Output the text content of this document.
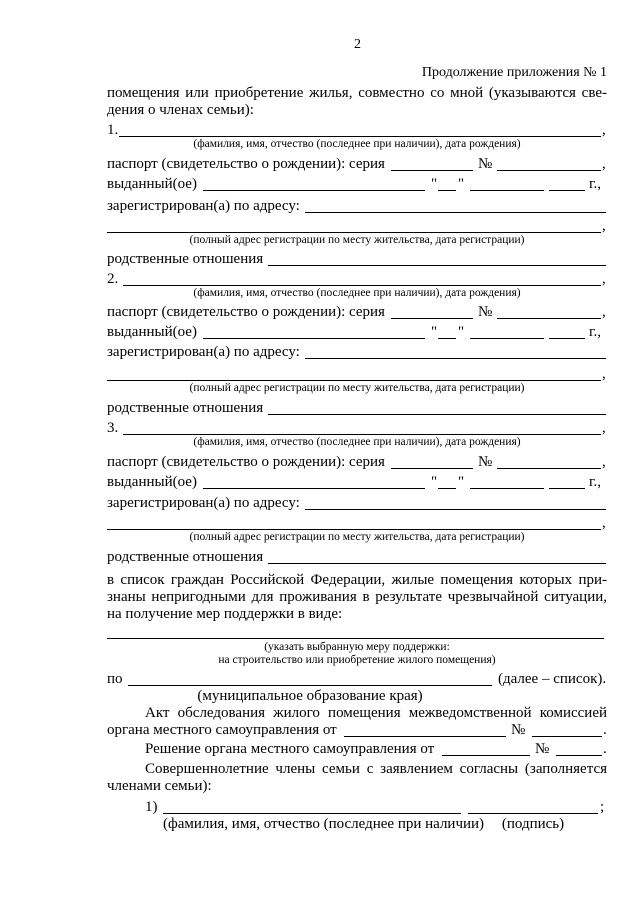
2
Продолжение приложения № 1
помещения или приобретение жилья, совместно со мной (указываются све-
дения о членах семьи):
1.	,
(фамилия, имя, отчество (последнее при наличии), дата рождения)
паспорт (свидетельство о рождении): серия	№	,
выданный(ое)	" "	г.,
зарегистрирован(а) по адресу:
,
(полный адрес регистрации по месту жительства, дата регистрации)
родственные отношения
2.	,
(фамилия, имя, отчество (последнее при наличии), дата рождения)
паспорт (свидетельство о рождении): серия	№	,
выданный(ое)	" "	г.,
зарегистрирован(а) по адресу:
,
(полный адрес регистрации по месту жительства, дата регистрации)
родственные отношения
3.	,
(фамилия, имя, отчество (последнее при наличии), дата рождения)
паспорт (свидетельство о рождении): серия	№	,
выданный(ое)	" "	г.,
зарегистрирован(а) по адресу:
,
(полный адрес регистрации по месту жительства, дата регистрации)
родственные отношения
в список граждан Российской Федерации, жилые помещения которых при-
знаны непригодными для проживания в результате чрезвычайной ситуации,
на получение мер поддержки в виде:
(указать выбранную меру поддержки:
на строительство или приобретение жилого помещения)
по	(далее – список).
(муниципальное образование края)
Акт обследования жилого помещения межведомственной комиссией
органа местного самоуправления от	№	.
Решение органа местного самоуправления от	№	.
Совершеннолетние члены семьи с заявлением согласны (заполняется
членами семьи):
1)	;
(фамилия, имя, отчество (последнее при наличии)	(подпись)
